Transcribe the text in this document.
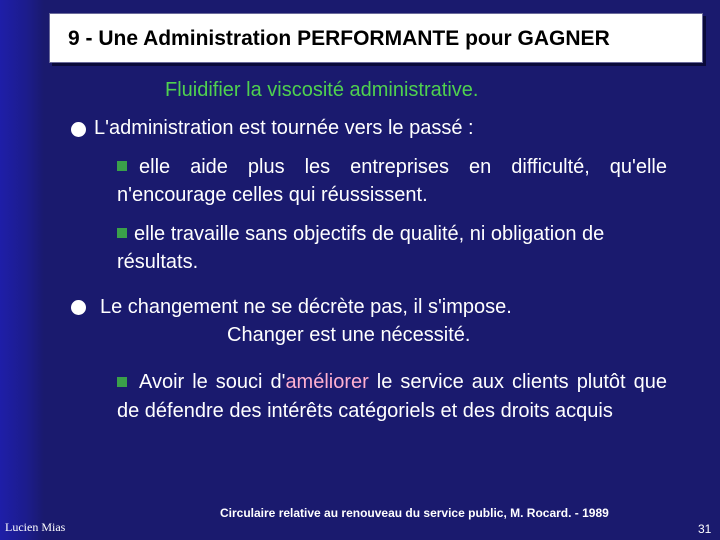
9 - Une Administration PERFORMANTE pour GAGNER
Fluidifier la viscosité administrative.
L'administration est tournée vers le passé :
elle aide plus les entreprises en difficulté, qu'elle n'encourage celles qui réussissent.
elle travaille sans objectifs de qualité, ni obligation de résultats.
Le changement ne se décrète pas, il s'impose.
Changer est une nécessité.
Avoir le souci d'améliorer le service aux clients plutôt que de défendre des intérêts catégoriels et des droits acquis
Circulaire relative au renouveau du service public, M. Rocard. - 1989
Lucien Mias	31
